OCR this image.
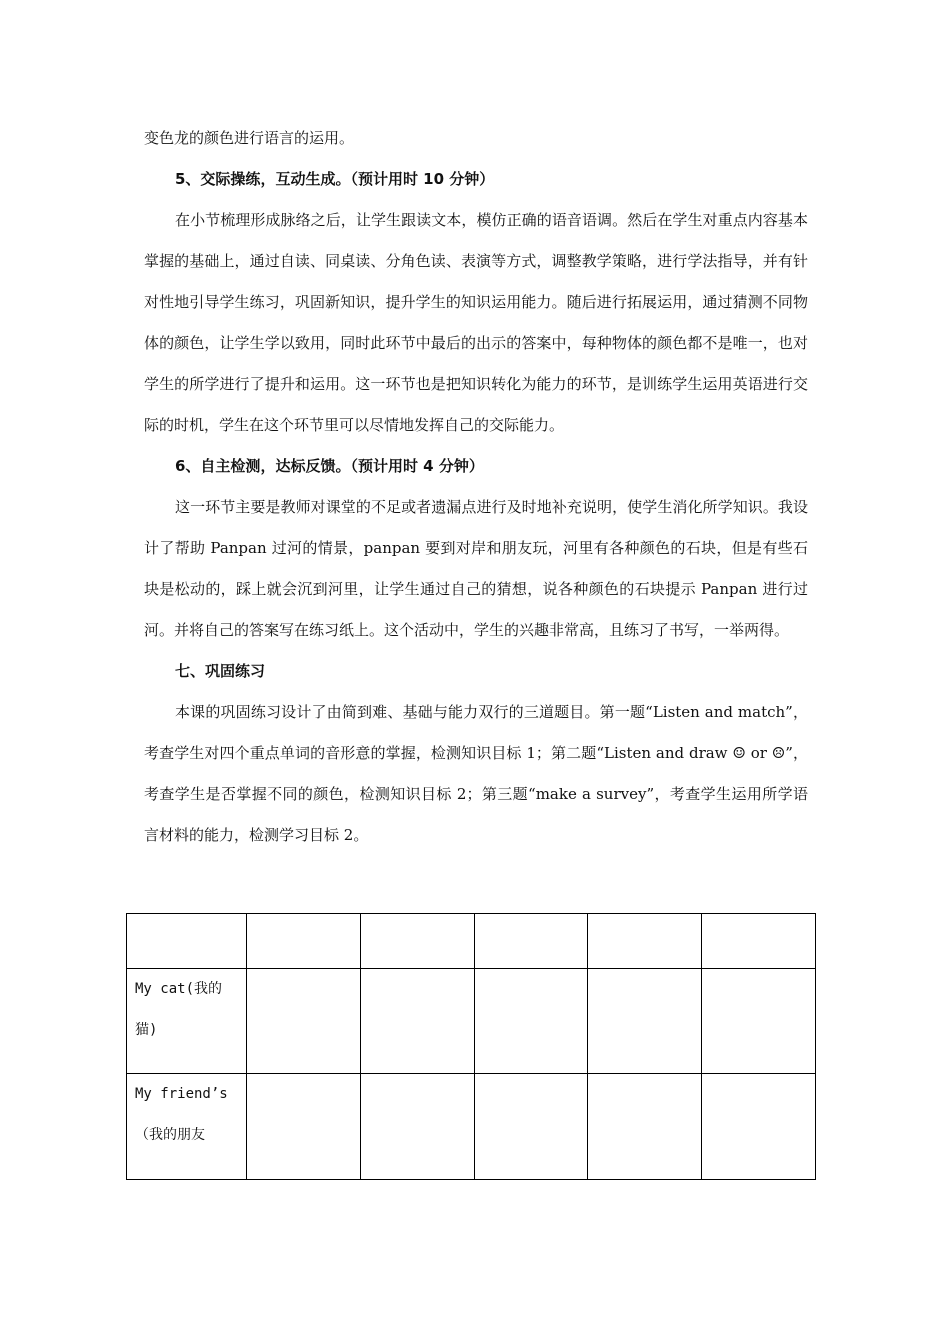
变色龙的颜色进行语言的运用。

5、交际操练，互动生成。（预计用时 10 分钟）

在小节梳理形成脉络之后，让学生跟读文本，模仿正确的语音语调。然后在学生对重点内容基本掌握的基础上，通过自读、同桌读、分角色读、表演等方式，调整教学策略，进行学法指导，并有针对性地引导学生练习，巩固新知识，提升学生的知识运用能力。随后进行拓展运用，通过猜测不同物体的颜色，让学生学以致用，同时此环节中最后的出示的答案中，每种物体的颜色都不是唯一，也对学生的所学进行了提升和运用。这一环节也是把知识转化为能力的环节，是训练学生运用英语进行交际的时机，学生在这个环节里可以尽情地发挥自己的交际能力。

6、自主检测，达标反馈。（预计用时 4 分钟）

这一环节主要是教师对课堂的不足或者遗漏点进行及时地补充说明，使学生消化所学知识。我设计了帮助 Panpan 过河的情景，panpan 要到对岸和朋友玩，河里有各种颜色的石块，但是有些石块是松动的，踩上就会沉到河里，让学生通过自己的猜想，说各种颜色的石块提示 Panpan 进行过河。并将自己的答案写在练习纸上。这个活动中，学生的兴趣非常高，且练习了书写，一举两得。

七、巩固练习

本课的巩固练习设计了由简到难、基础与能力双行的三道题目。第一题“Listen and match”，考查学生对四个重点单词的音形意的掌握，检测知识目标 1；第二题“Listen and draw ☺ or ☹”，考查学生是否掌握不同的颜色，检测知识目标 2；第三题“make a survey”，考查学生运用所学语言材料的能力，检测学习目标 2。

My cat(我的猫)					
My friend’s（我的朋友					
